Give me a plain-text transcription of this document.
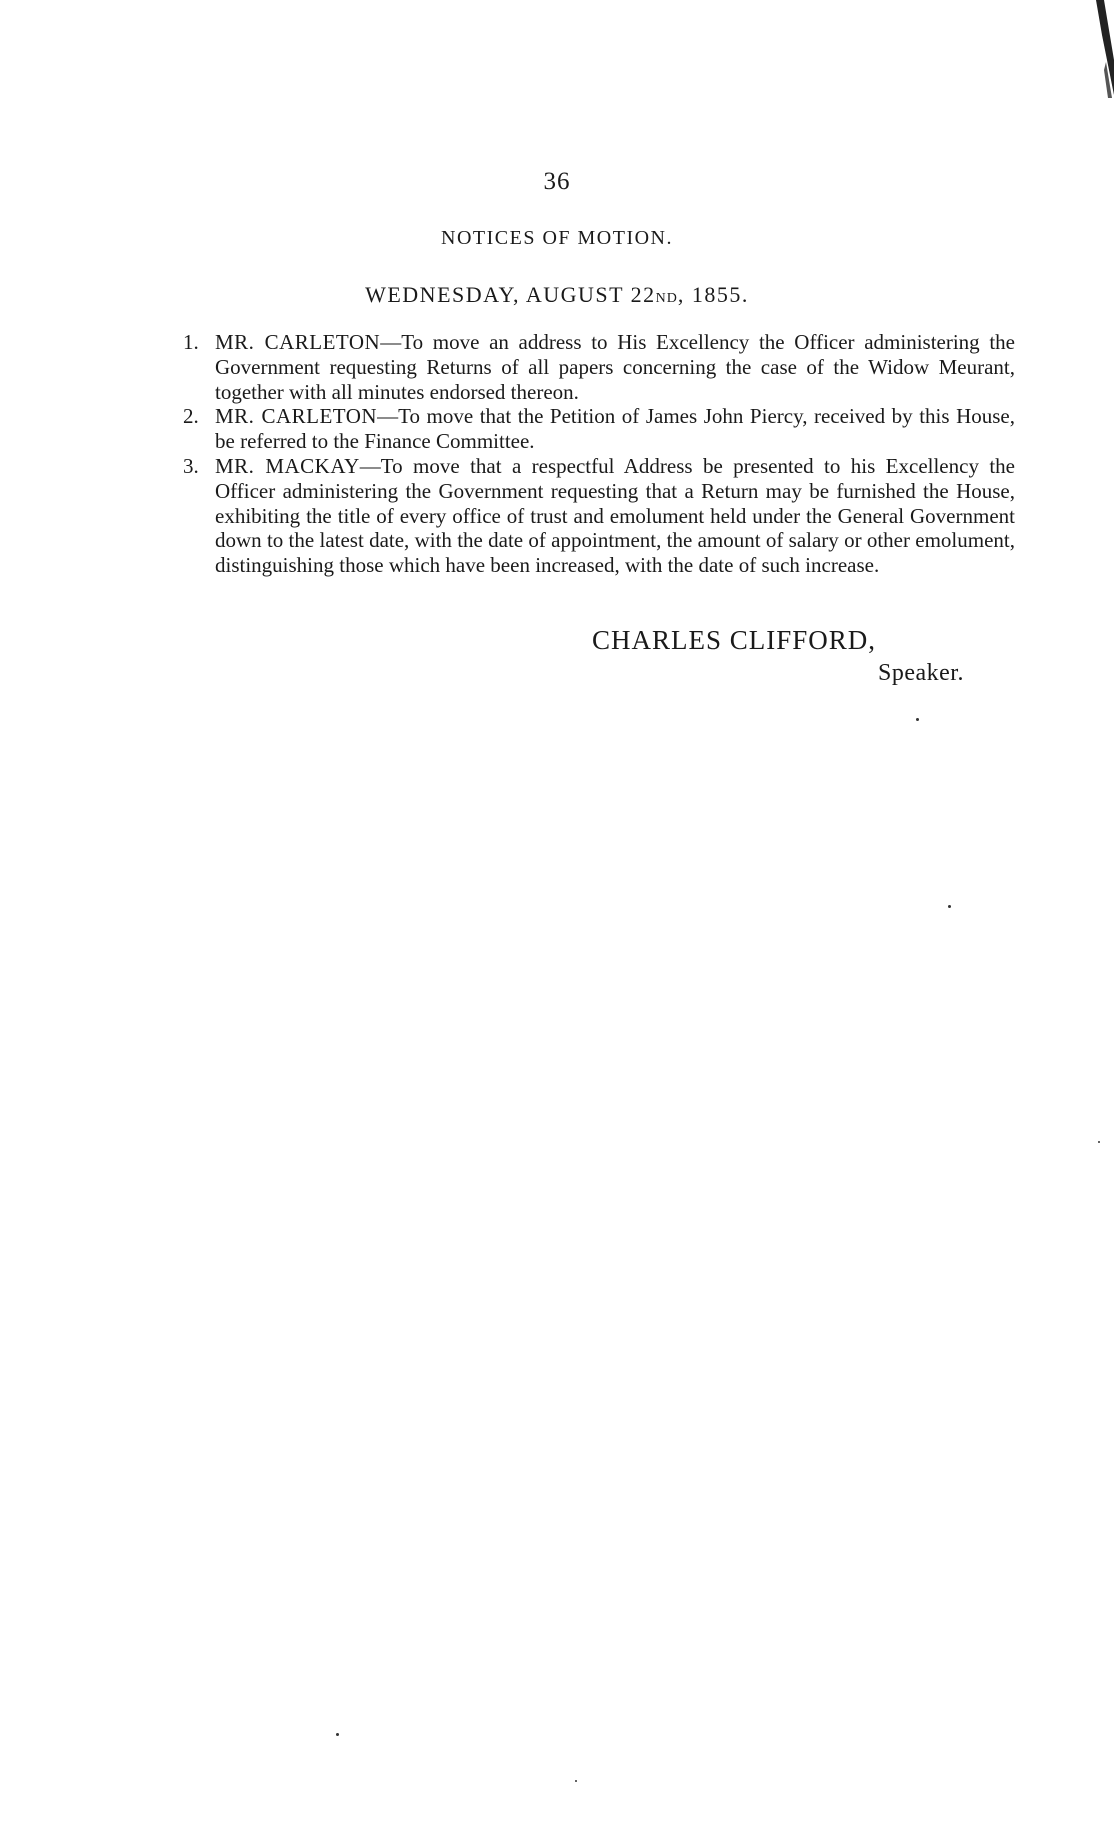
36
NOTICES OF MOTION.
WEDNESDAY, AUGUST 22ND, 1855.
1. MR. CARLETON—To move an address to His Excellency the Officer administering the Government requesting Returns of all papers concerning the case of the Widow Meurant, together with all minutes endorsed thereon.
2. MR. CARLETON—To move that the Petition of James John Piercy, received by this House, be referred to the Finance Committee.
3. MR. MACKAY—To move that a respectful Address be presented to his Excellency the Officer administering the Government requesting that a Return may be furnished the House, exhibiting the title of every office of trust and emolument held under the General Government down to the latest date, with the date of appointment, the amount of salary or other emolument, distinguishing those which have been increased, with the date of such increase.
CHARLES CLIFFORD,
Speaker.
